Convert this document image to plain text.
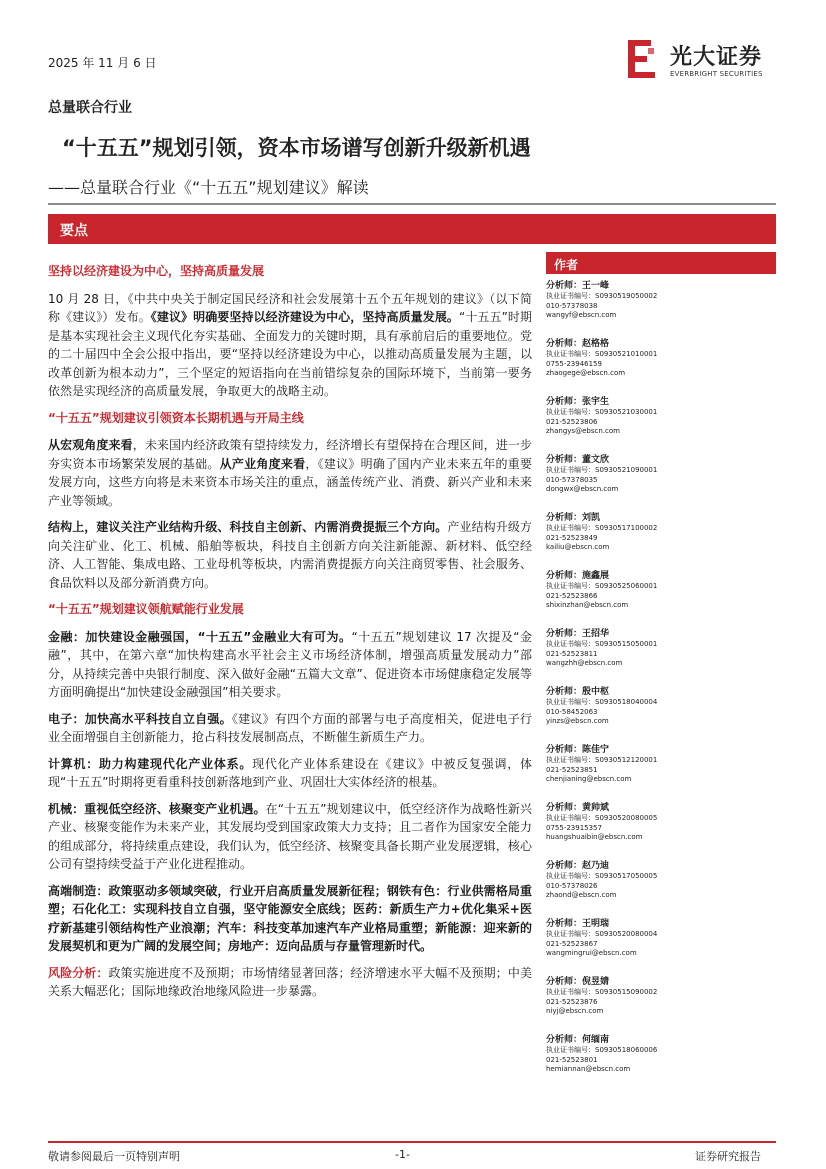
2025 年 11 月 6 日	光大证券
EVERBRIGHT SECURITIES
总量联合行业
“十五五”规划引领，资本市场谱写创新升级新机遇
——总量联合行业《“十五五”规划建议》解读
要点
坚持以经济建设为中心，坚持高质量发展

10 月 28 日，《中共中央关于制定国民经济和社会发展第十五个五年规划的建议》（以下简称《建议》）发布。《建议》明确要坚持以经济建设为中心，坚持高质量发展。“十五五”时期是基本实现社会主义现代化夯实基础、全面发力的关键时期，具有承前启后的重要地位。党的二十届四中全会公报中指出，要“坚持以经济建设为中心，以推动高质量发展为主题，以改革创新为根本动力”，三个坚定的短语指向在当前错综复杂的国际环境下，当前第一要务依然是实现经济的高质量发展，争取更大的战略主动。

“十五五”规划建议引领资本长期机遇与开局主线

从宏观角度来看，未来国内经济政策有望持续发力，经济增长有望保持在合理区间，进一步夯实资本市场繁荣发展的基础。从产业角度来看，《建议》明确了国内产业未来五年的重要发展方向，这些方向将是未来资本市场关注的重点，涵盖传统产业、消费、新兴产业和未来产业等领域。

结构上，建议关注产业结构升级、科技自主创新、内需消费提振三个方向。产业结构升级方向关注矿业、化工、机械、船舶等板块，科技自主创新方向关注新能源、新材料、低空经济、人工智能、集成电路、工业母机等板块，内需消费提振方向关注商贸零售、社会服务、食品饮料以及部分新消费方向。

“十五五”规划建议领航赋能行业发展

金融：加快建设金融强国，“十五五”金融业大有可为。“十五五”规划建议 17 次提及“金融”，其中，在第六章“加快构建高水平社会主义市场经济体制，增强高质量发展动力”部分，从持续完善中央银行制度、深入做好金融“五篇大文章”、促进资本市场健康稳定发展等方面明确提出“加快建设金融强国”相关要求。

电子：加快高水平科技自立自强。《建议》有四个方面的部署与电子高度相关，促进电子行业全面增强自主创新能力，抢占科技发展制高点，不断催生新质生产力。

计算机：助力构建现代化产业体系。现代化产业体系建设在《建议》中被反复强调，体现“十五五”时期将更看重科技创新落地到产业、巩固壮大实体经济的根基。

机械：重视低空经济、核聚变产业机遇。在“十五五”规划建议中，低空经济作为战略性新兴产业、核聚变能作为未来产业，其发展均受到国家政策大力支持；且二者作为国家安全能力的组成部分，将持续重点建设，我们认为，低空经济、核聚变具备长期产业发展逻辑，核心公司有望持续受益于产业化进程推动。

高端制造：政策驱动多领域突破，行业开启高质量发展新征程；钢铁有色：行业供需格局重塑；石化化工：实现科技自立自强，坚守能源安全底线；医药：新质生产力+优化集采+医疗新基建引领结构性产业浪潮；汽车：科技变革加速汽车产业格局重塑；新能源：迎来新的发展契机和更为广阔的发展空间；房地产：迈向品质与存量管理新时代。

风险分析：政策实施进度不及预期；市场情绪显著回落；经济增速水平大幅不及预期；中美关系大幅恶化；国际地缘政治地缘风险进一步暴露。

作者
分析师：王一峰
执业证书编号：S0930519050002
010-57378038
wangyf@ebscn.com
分析师：赵格格
执业证书编号：S0930521010001
0755-23946159
zhaogege@ebscn.com
分析师：张宇生
执业证书编号：S0930521030001
021-52523806
zhangys@ebscn.com
分析师：董文欣
执业证书编号：S0930521090001
010-57378035
dongwx@ebscn.com
分析师：刘凯
执业证书编号：S0930517100002
021-52523849
kailiu@ebscn.com
分析师：施鑫展
执业证书编号：S0930525060001
021-52523866
shixinzhan@ebscn.com
分析师：王招华
执业证书编号：S0930515050001
021-52523811
wangzhh@ebscn.com
分析师：殷中枢
执业证书编号：S0930518040004
010-58452063
yinzs@ebscn.com
分析师：陈佳宁
执业证书编号：S0930512120001
021-52523851
chenjianing@ebscn.com
分析师：黄帅斌
执业证书编号：S0930520080005
0755-23915357
huangshuaibin@ebscn.com
分析师：赵乃迪
执业证书编号：S0930517050005
010-57378026
zhaond@ebscn.com
分析师：王明瑞
执业证书编号：S0930520080004
021-52523867
wangmingrui@ebscn.com
分析师：倪昱婧
执业证书编号：S0930515090002
021-52523876
niyj@ebscn.com
分析师：何缅南
执业证书编号：S0930518060006
021-52523801
hemiannan@ebscn.com
敬请参阅最后一页特别声明	-1-	证券研究报告
